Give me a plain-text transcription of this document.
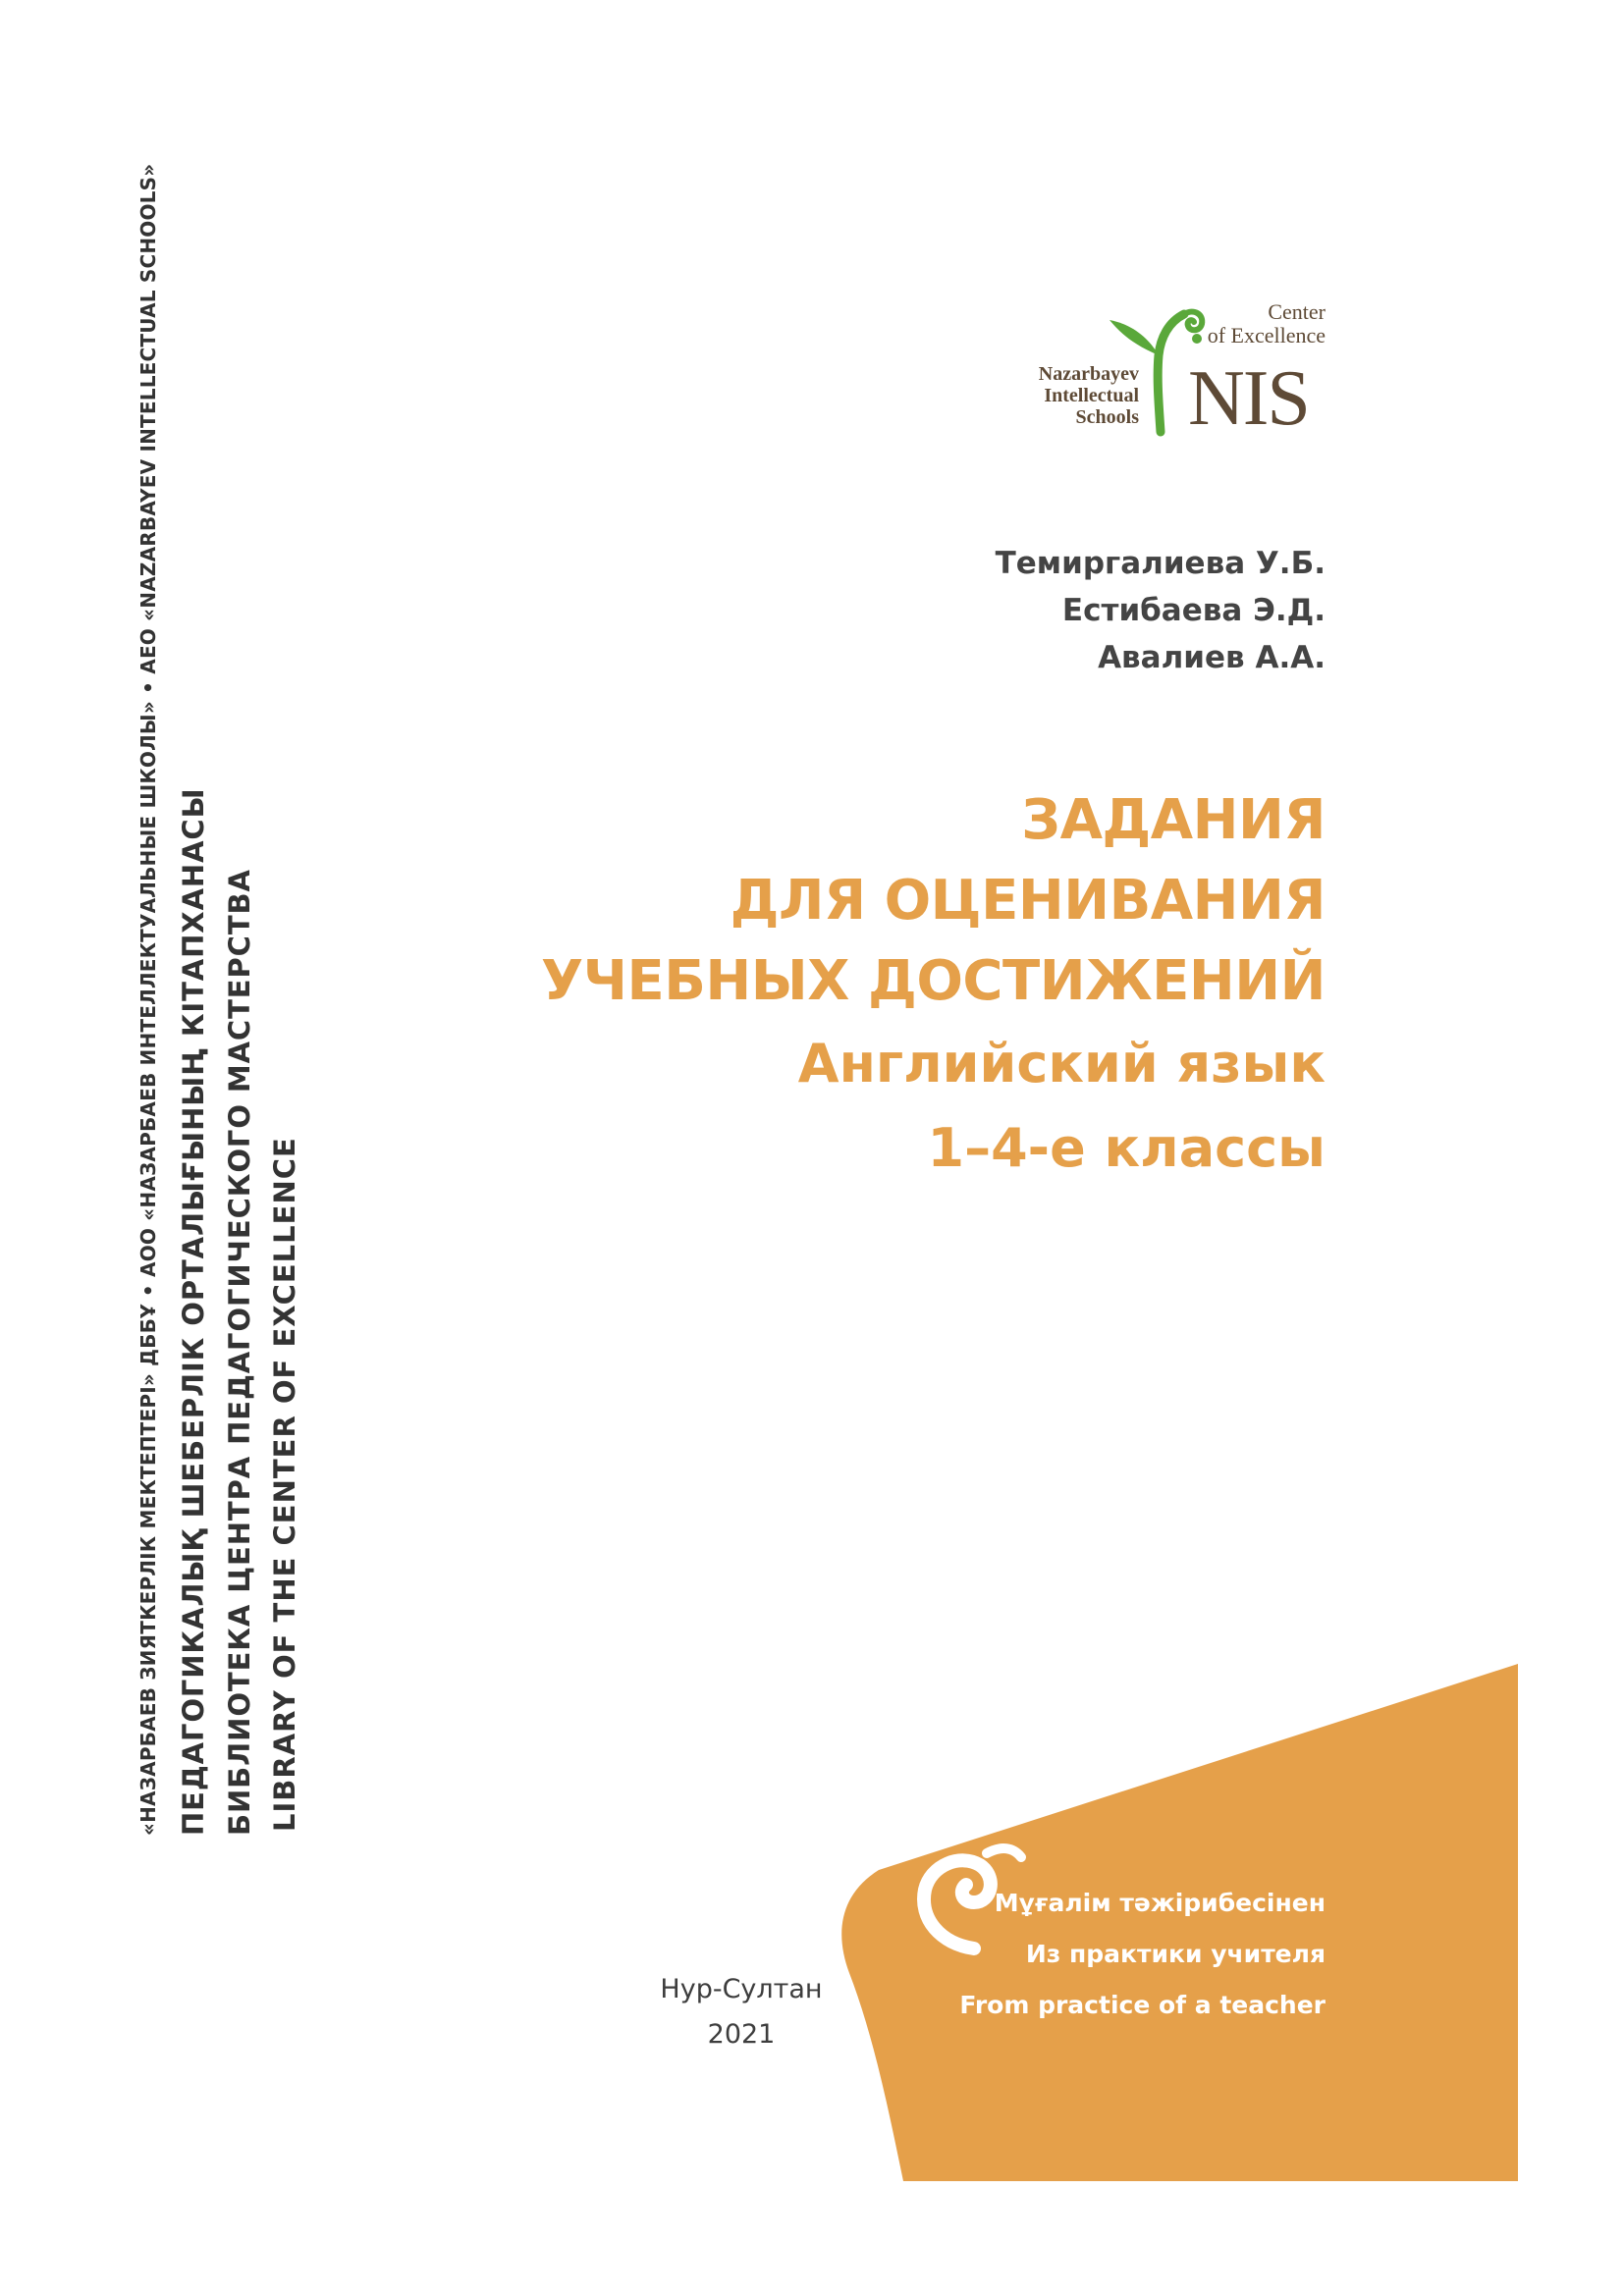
«НАЗАРБАЕВ ЗИЯТКЕРЛІК МЕКТЕПТЕРІ» ДББҰ • АОО «НАЗАРБАЕВ ИНТЕЛЛЕКТУАЛЬНЫЕ ШКОЛЫ» • AEO «NAZARBAYEV INTELLECTUAL SCHOOLS» ПЕДАГОГИКАЛЫҚ ШЕБЕРЛІК ОРТАЛЫҒЫНЫҢ КІТАПХАНАСЫ БИБЛИОТЕКА ЦЕНТРА ПЕДАГОГИЧЕСКОГО МАСТЕРСТВА LIBRARY OF THE CENTER OF EXCELLENCE
Center
of Excellence
Nazarbayev
Intellectual
Schools NIS
Темиргалиева У.Б.
Естибаева Э.Д.
Авалиев А.А.
ЗАДАНИЯ
ДЛЯ ОЦЕНИВАНИЯ
УЧЕБНЫХ ДОСТИЖЕНИЙ
Английский язык
1–4-е классы
Мұғалім тәжірибесінен
Из практики учителя
From practice of a teacher
Нур-Султан
2021
